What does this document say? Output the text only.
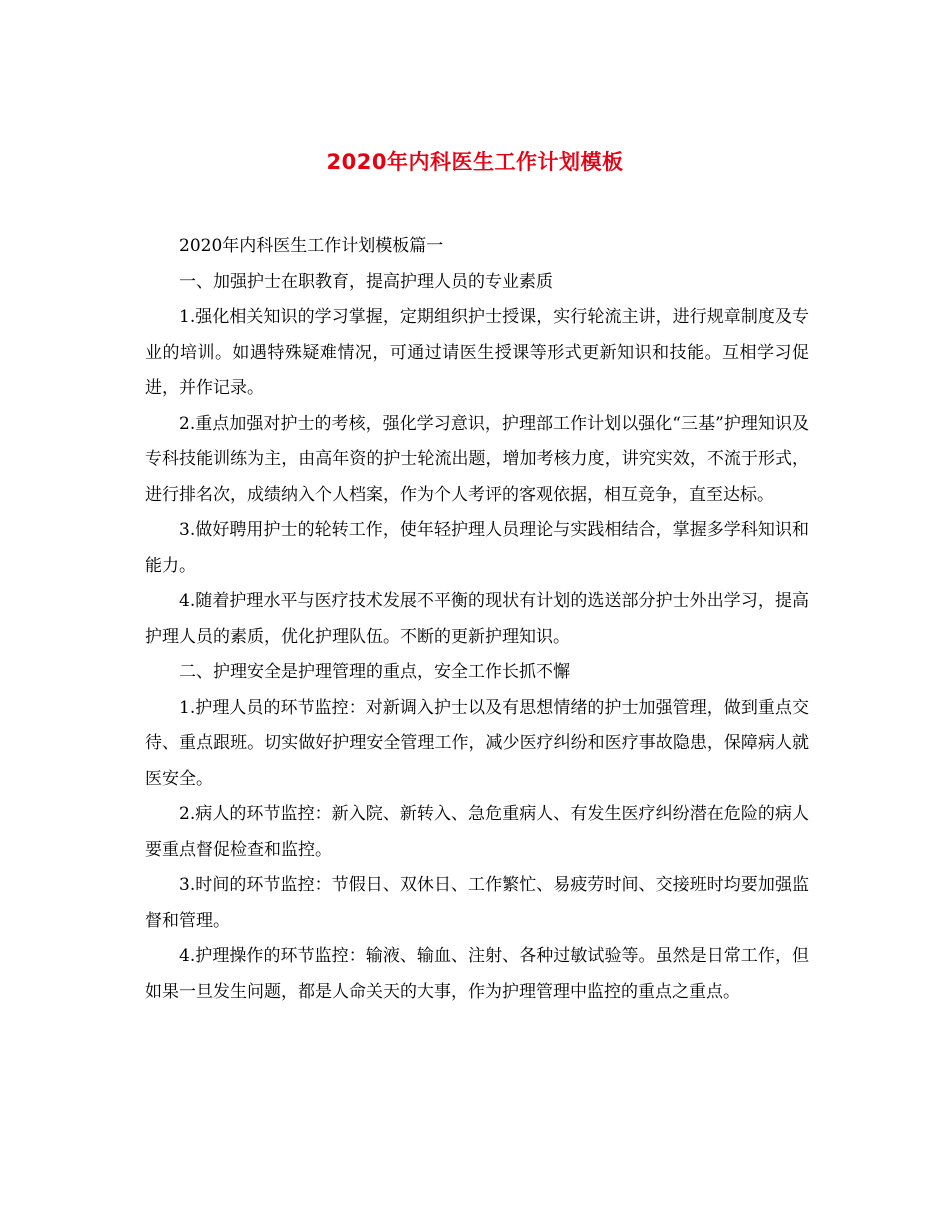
2020年内科医生工作计划模板

2020年内科医生工作计划模板篇一

一、加强护士在职教育，提高护理人员的专业素质

1.强化相关知识的学习掌握，定期组织护士授课，实行轮流主讲，进行规章制度及专业的培训。如遇特殊疑难情况，可通过请医生授课等形式更新知识和技能。互相学习促进，并作记录。

2.重点加强对护士的考核，强化学习意识，护理部工作计划以强化“三基”护理知识及专科技能训练为主，由高年资的护士轮流出题，增加考核力度，讲究实效，不流于形式，进行排名次，成绩纳入个人档案，作为个人考评的客观依据，相互竞争，直至达标。

3.做好聘用护士的轮转工作，使年轻护理人员理论与实践相结合，掌握多学科知识和能力。

4.随着护理水平与医疗技术发展不平衡的现状有计划的选送部分护士外出学习，提高护理人员的素质，优化护理队伍。不断的更新护理知识。

二、护理安全是护理管理的重点，安全工作长抓不懈

1.护理人员的环节监控：对新调入护士以及有思想情绪的护士加强管理，做到重点交待、重点跟班。切实做好护理安全管理工作，减少医疗纠纷和医疗事故隐患，保障病人就医安全。

2.病人的环节监控：新入院、新转入、急危重病人、有发生医疗纠纷潜在危险的病人要重点督促检查和监控。

3.时间的环节监控：节假日、双休日、工作繁忙、易疲劳时间、交接班时均要加强监督和管理。

4.护理操作的环节监控：输液、输血、注射、各种过敏试验等。虽然是日常工作，但如果一旦发生问题，都是人命关天的大事，作为护理管理中监控的重点之重点。
